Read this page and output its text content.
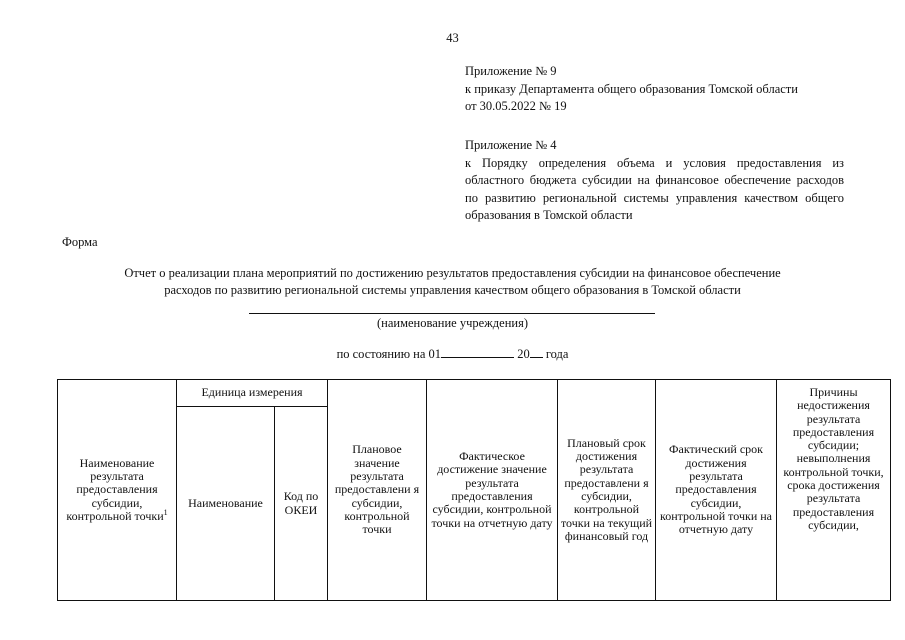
43

Приложение № 9

к приказу Департамента общего образования Томской области

от 30.05.2022 № 19

Приложение № 4

к Порядку определения объема и условия предоставления из областного бюджета субсидии на финансовое обеспечение расходов по развитию региональной системы управления качеством общего образования в Томской области

Форма
Отчет о реализации плана мероприятий по достижению результатов предоставления субсидии на финансовое обеспечение
расходов по развитию региональной системы управления качеством общего образования в Томской области
(наименование учреждения)
по состоянию на 01	20 года
Наименование результата предоставления субсидии, контрольной точки$^1$	Единица измерения		Плановое значение результата предоставлени я субсидии, контрольной точки	Фактическое достижение значение результата предоставления субсидии, контрольной точки на отчетную дату	Плановый срок достижения результата предоставлени я субсидии, контрольной точки на текущий финансовый год	Фактический срок достижения результата предоставления субсидии, контрольной точки на отчетную дату	Причины недостижения результата предоставления субсидии; невыполнения контрольной точки, срока достижения результата предоставления субсидии,
	Наименование	Код по ОКЕИ					
